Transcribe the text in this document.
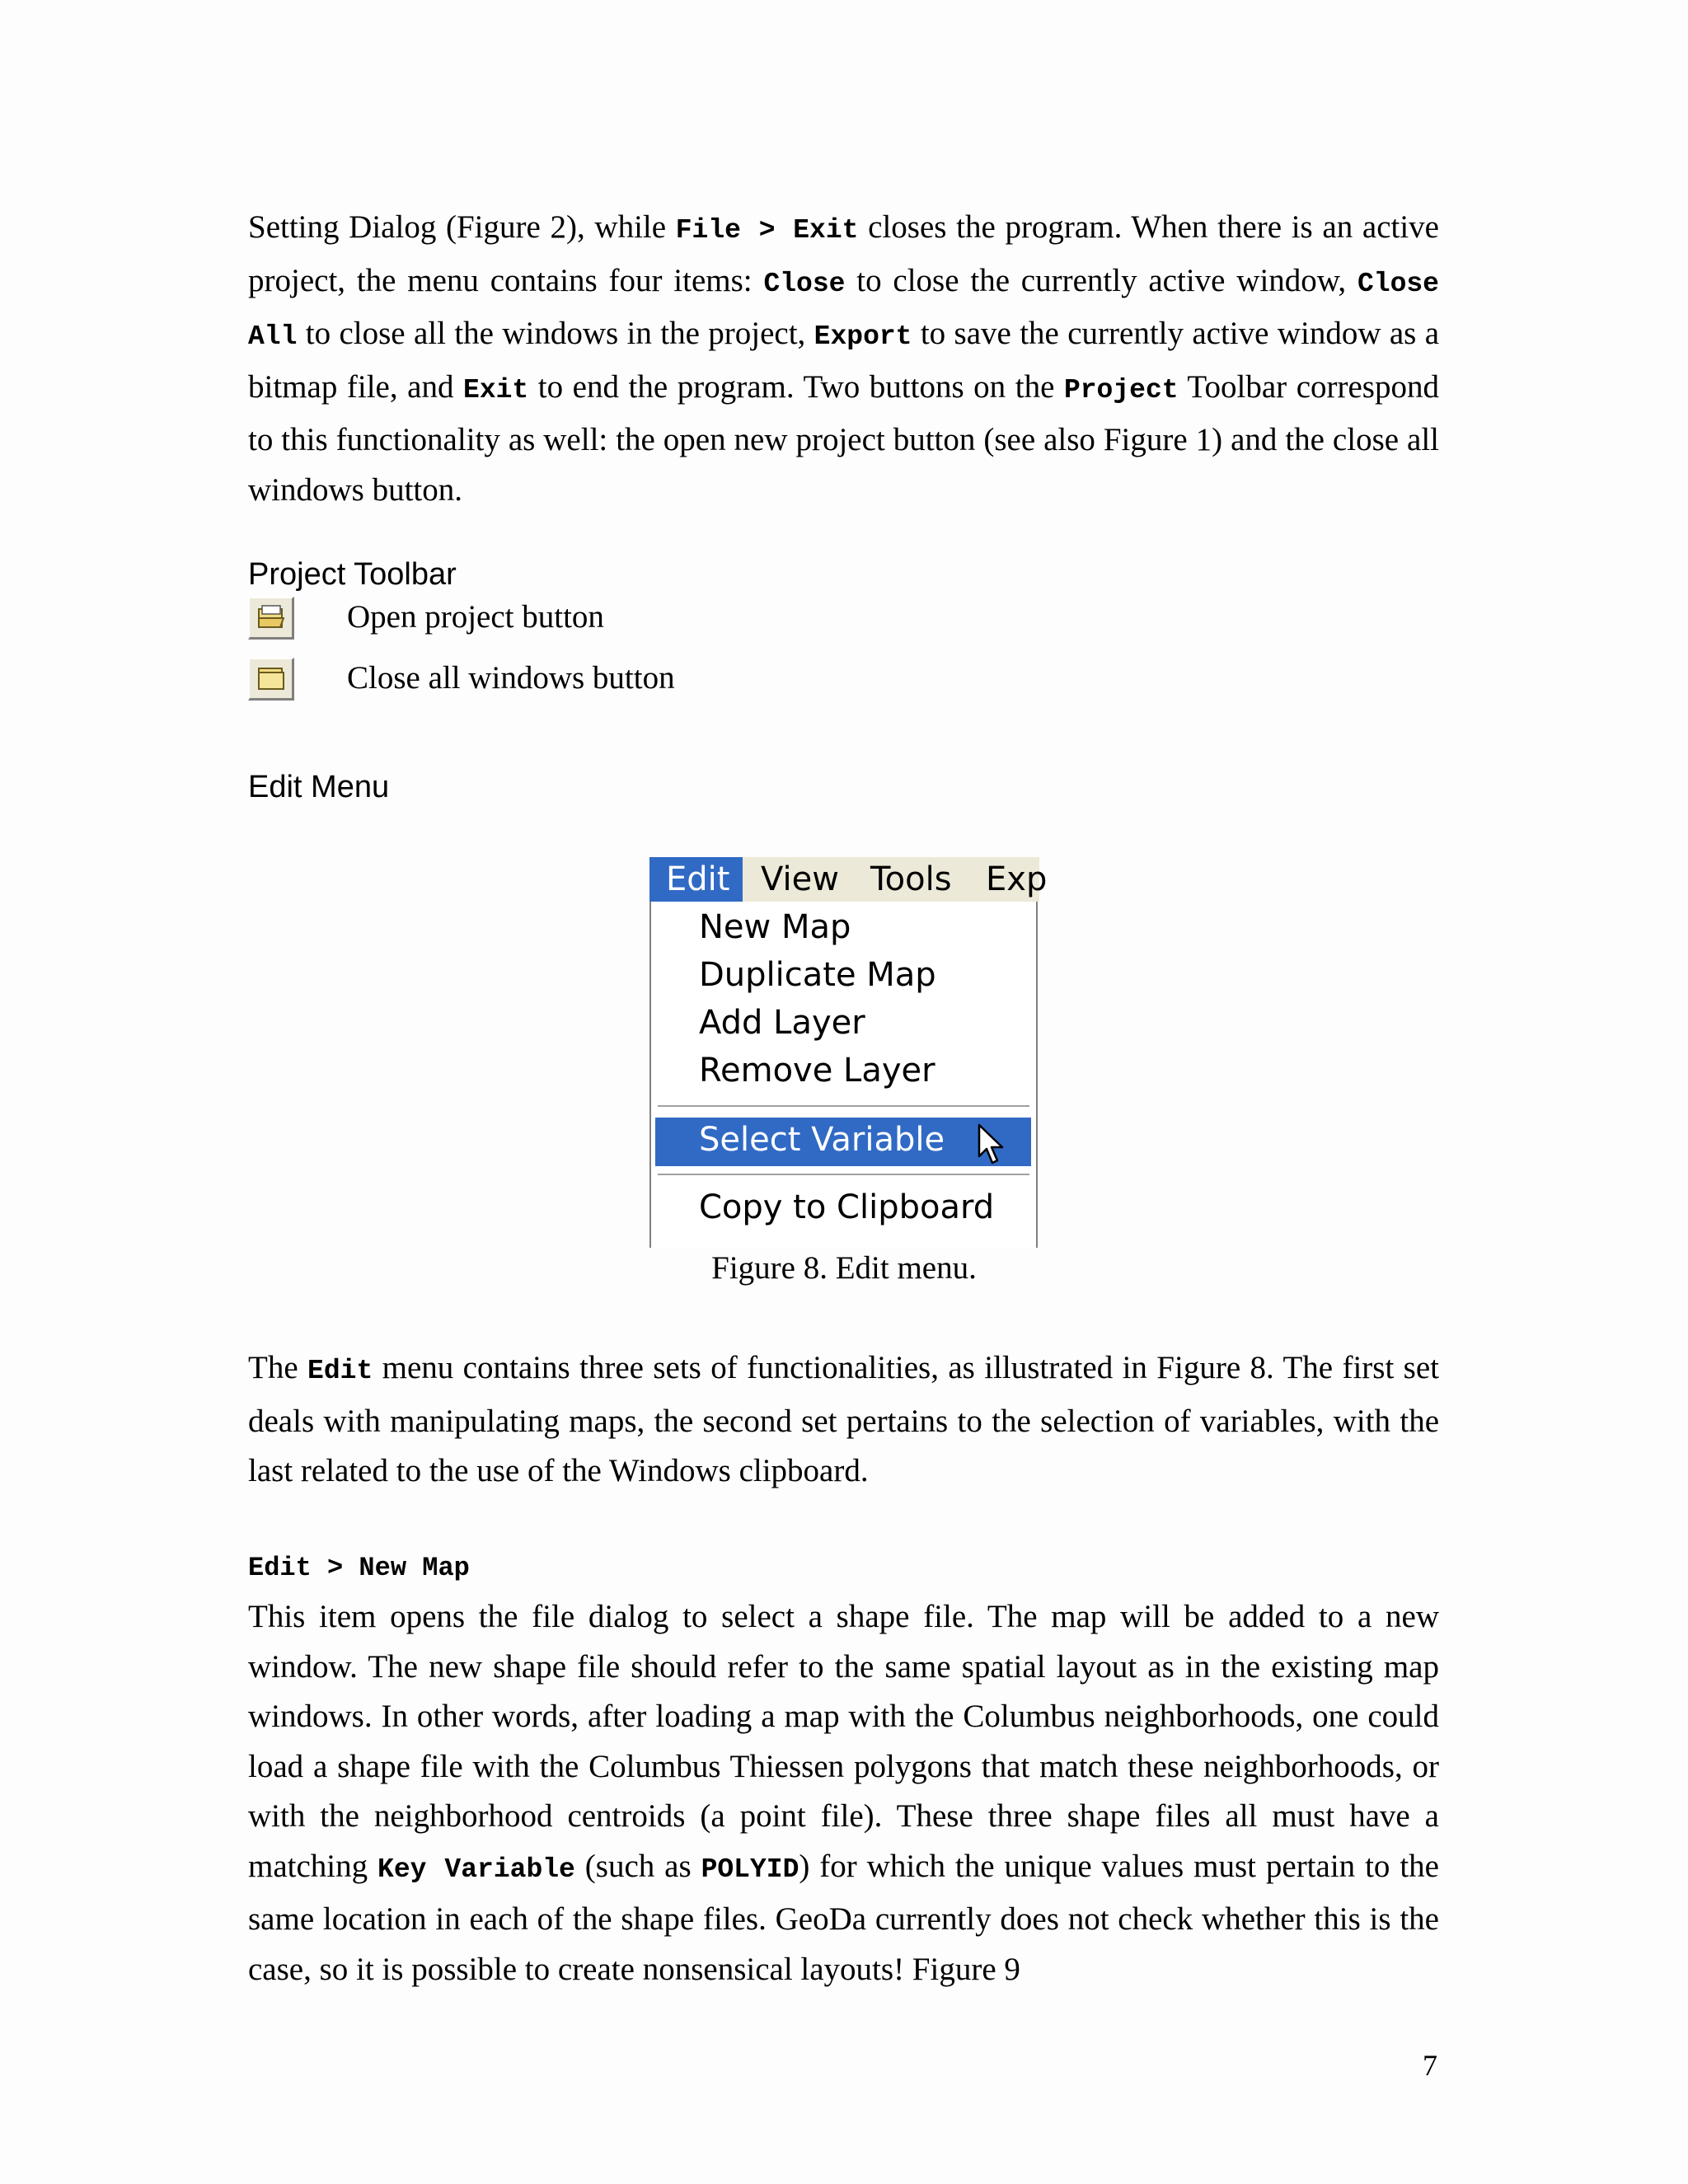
Setting Dialog (Figure 2), while File > Exit closes the program. When there is an active project, the menu contains four items: Close to close the currently active window, Close All to close all the windows in the project, Export to save the currently active window as a bitmap file, and Exit to end the program. Two buttons on the Project Toolbar correspond to this functionality as well: the open new project button (see also Figure 1) and the close all windows button.
Project Toolbar
Open project button
Close all windows button
Edit Menu
Edit View Tools Exp
New Map
Duplicate Map
Add Layer
Remove Layer
Select Variable
Copy to Clipboard
Figure 8. Edit menu.
The Edit menu contains three sets of functionalities, as illustrated in Figure 8. The first set deals with manipulating maps, the second set pertains to the selection of variables, with the last related to the use of the Windows clipboard.
Edit > New Map
This item opens the file dialog to select a shape file. The map will be added to a new window. The new shape file should refer to the same spatial layout as in the existing map windows. In other words, after loading a map with the Columbus neighborhoods, one could load a shape file with the Columbus Thiessen polygons that match these neighborhoods, or with the neighborhood centroids (a point file). These three shape files all must have a matching Key Variable (such as POLYID) for which the unique values must pertain to the same location in each of the shape files. GeoDa currently does not check whether this is the case, so it is possible to create nonsensical layouts! Figure 9
7
